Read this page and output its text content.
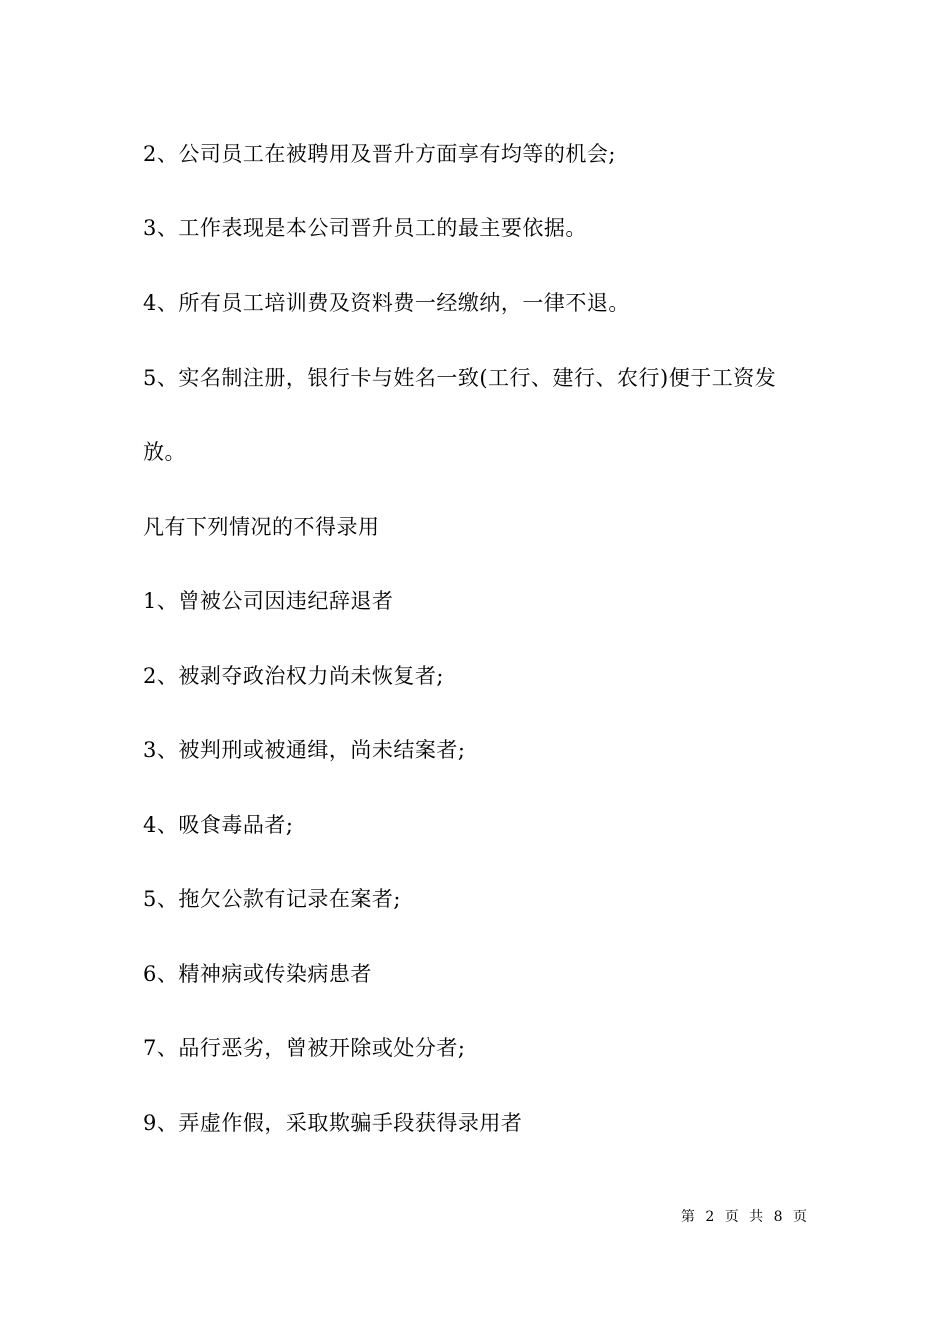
2、公司员工在被聘用及晋升方面享有均等的机会;
3、工作表现是本公司晋升员工的最主要依据。
4、所有员工培训费及资料费一经缴纳，一律不退。
5、实名制注册，银行卡与姓名一致(工行、建行、农行)便于工资发放。
凡有下列情况的不得录用
1、曾被公司因违纪辞退者
2、被剥夺政治权力尚未恢复者;
3、被判刑或被通缉，尚未结案者;
4、吸食毒品者;
5、拖欠公款有记录在案者;
6、精神病或传染病患者
7、品行恶劣，曾被开除或处分者;
9、弄虚作假，采取欺骗手段获得录用者
第 2 页 共 8 页
